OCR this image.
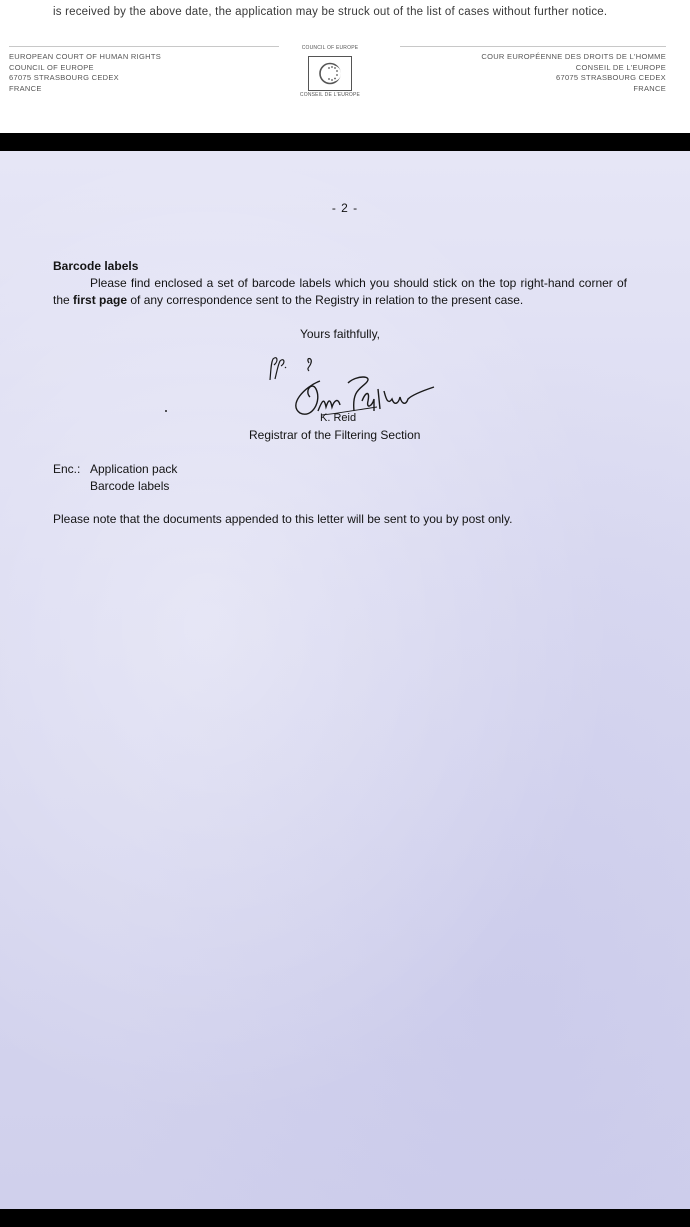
is received by the above date, the application may be struck out of the list of cases without further notice.
EUROPEAN COURT OF HUMAN RIGHTS
COUNCIL OF EUROPE
67075 STRASBOURG CEDEX
FRANCE
COUNCIL OF EUROPE
CONSEIL DE L'EUROPE
COUR EUROPÉENNE DES DROITS DE L'HOMME
CONSEIL DE L'EUROPE
67075 STRASBOURG CEDEX
FRANCE
- 2 -
Barcode labels
Please find enclosed a set of barcode labels which you should stick on the top right-hand corner of the first page of any correspondence sent to the Registry in relation to the present case.
Yours faithfully,
K. Reid
Registrar of the Filtering Section
Enc.: Application pack
Barcode labels
Please note that the documents appended to this letter will be sent to you by post only.
